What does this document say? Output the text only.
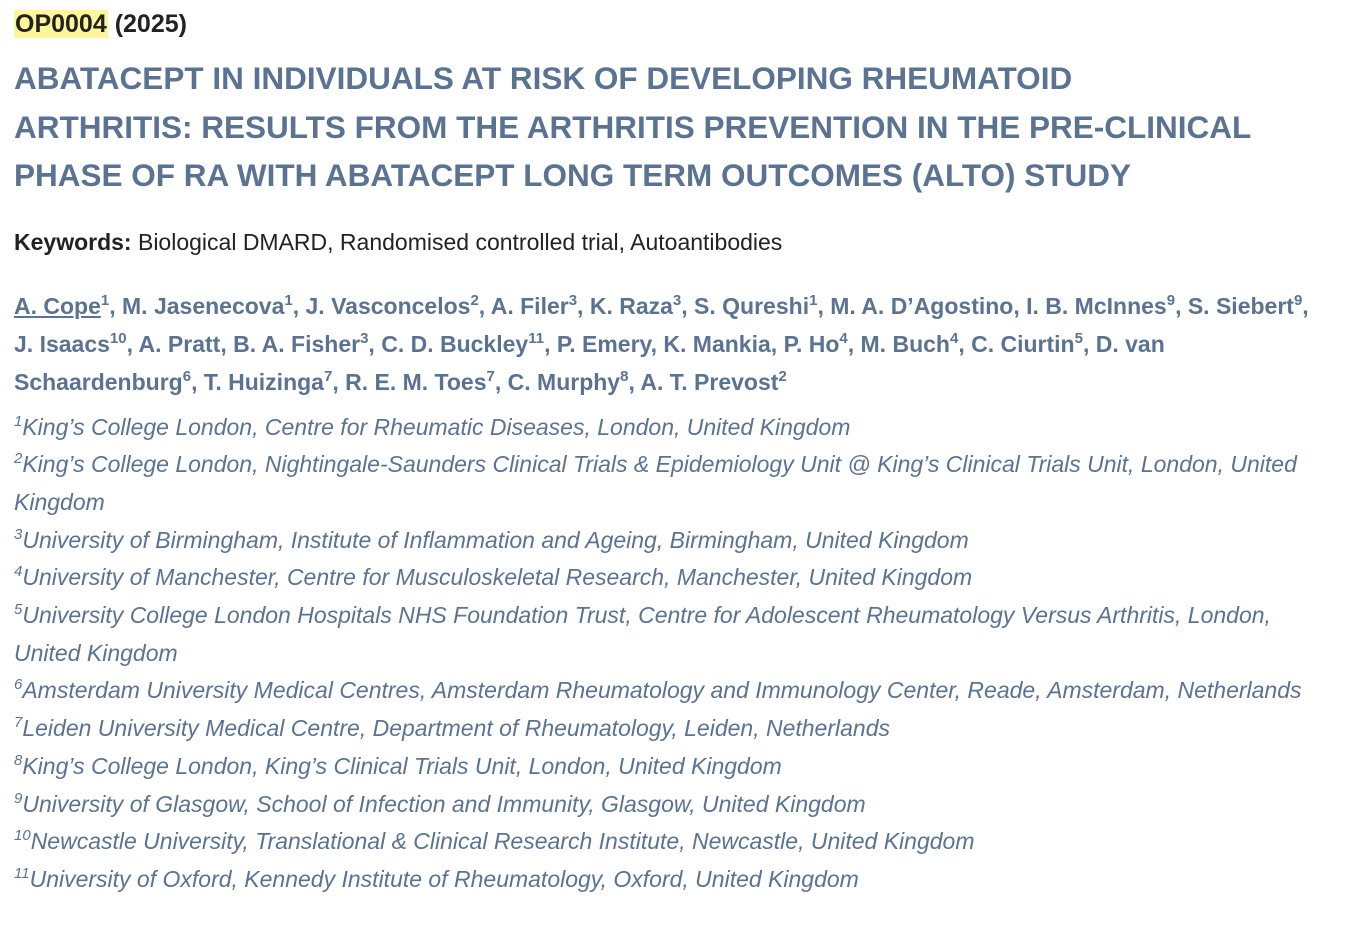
OP0004 (2025)

ABATACEPT IN INDIVIDUALS AT RISK OF DEVELOPING RHEUMATOID
ARTHRITIS: RESULTS FROM THE ARTHRITIS PREVENTION IN THE PRE-CLINICAL
PHASE OF RA WITH ABATACEPT LONG TERM OUTCOMES (ALTO) STUDY

Keywords: Biological DMARD, Randomised controlled trial, Autoantibodies

A. Cope$^1$, M. Jasenecova$^1$, J. Vasconcelos$^2$, A. Filer$^3$, K. Raza$^3$, S. Qureshi$^1$, M. A. D’Agostino, I. B. McInnes$^9$, S. Siebert$^9$, J. Isaacs$^{10}$, A. Pratt, B. A. Fisher$^3$, C. D. Buckley$^{11}$, P. Emery, K. Mankia, P. Ho$^4$, M. Buch$^4$, C. Ciurtin$^5$, D. van Schaardenburg$^6$, T. Huizinga$^7$, R. E. M. Toes$^7$, C. Murphy$^8$, A. T. Prevost$^2$

$^1$King’s College London, Centre for Rheumatic Diseases, London, United Kingdom
$^2$King’s College London, Nightingale-Saunders Clinical Trials & Epidemiology Unit @ King’s Clinical Trials Unit, London, United Kingdom
$^3$University of Birmingham, Institute of Inflammation and Ageing, Birmingham, United Kingdom
$^4$University of Manchester, Centre for Musculoskeletal Research, Manchester, United Kingdom
$^5$University College London Hospitals NHS Foundation Trust, Centre for Adolescent Rheumatology Versus Arthritis, London, United Kingdom
$^6$Amsterdam University Medical Centres, Amsterdam Rheumatology and Immunology Center, Reade, Amsterdam, Netherlands
$^7$Leiden University Medical Centre, Department of Rheumatology, Leiden, Netherlands
$^8$King’s College London, King’s Clinical Trials Unit, London, United Kingdom
$^9$University of Glasgow, School of Infection and Immunity, Glasgow, United Kingdom
$^{10}$Newcastle University, Translational & Clinical Research Institute, Newcastle, United Kingdom
$^{11}$University of Oxford, Kennedy Institute of Rheumatology, Oxford, United Kingdom
